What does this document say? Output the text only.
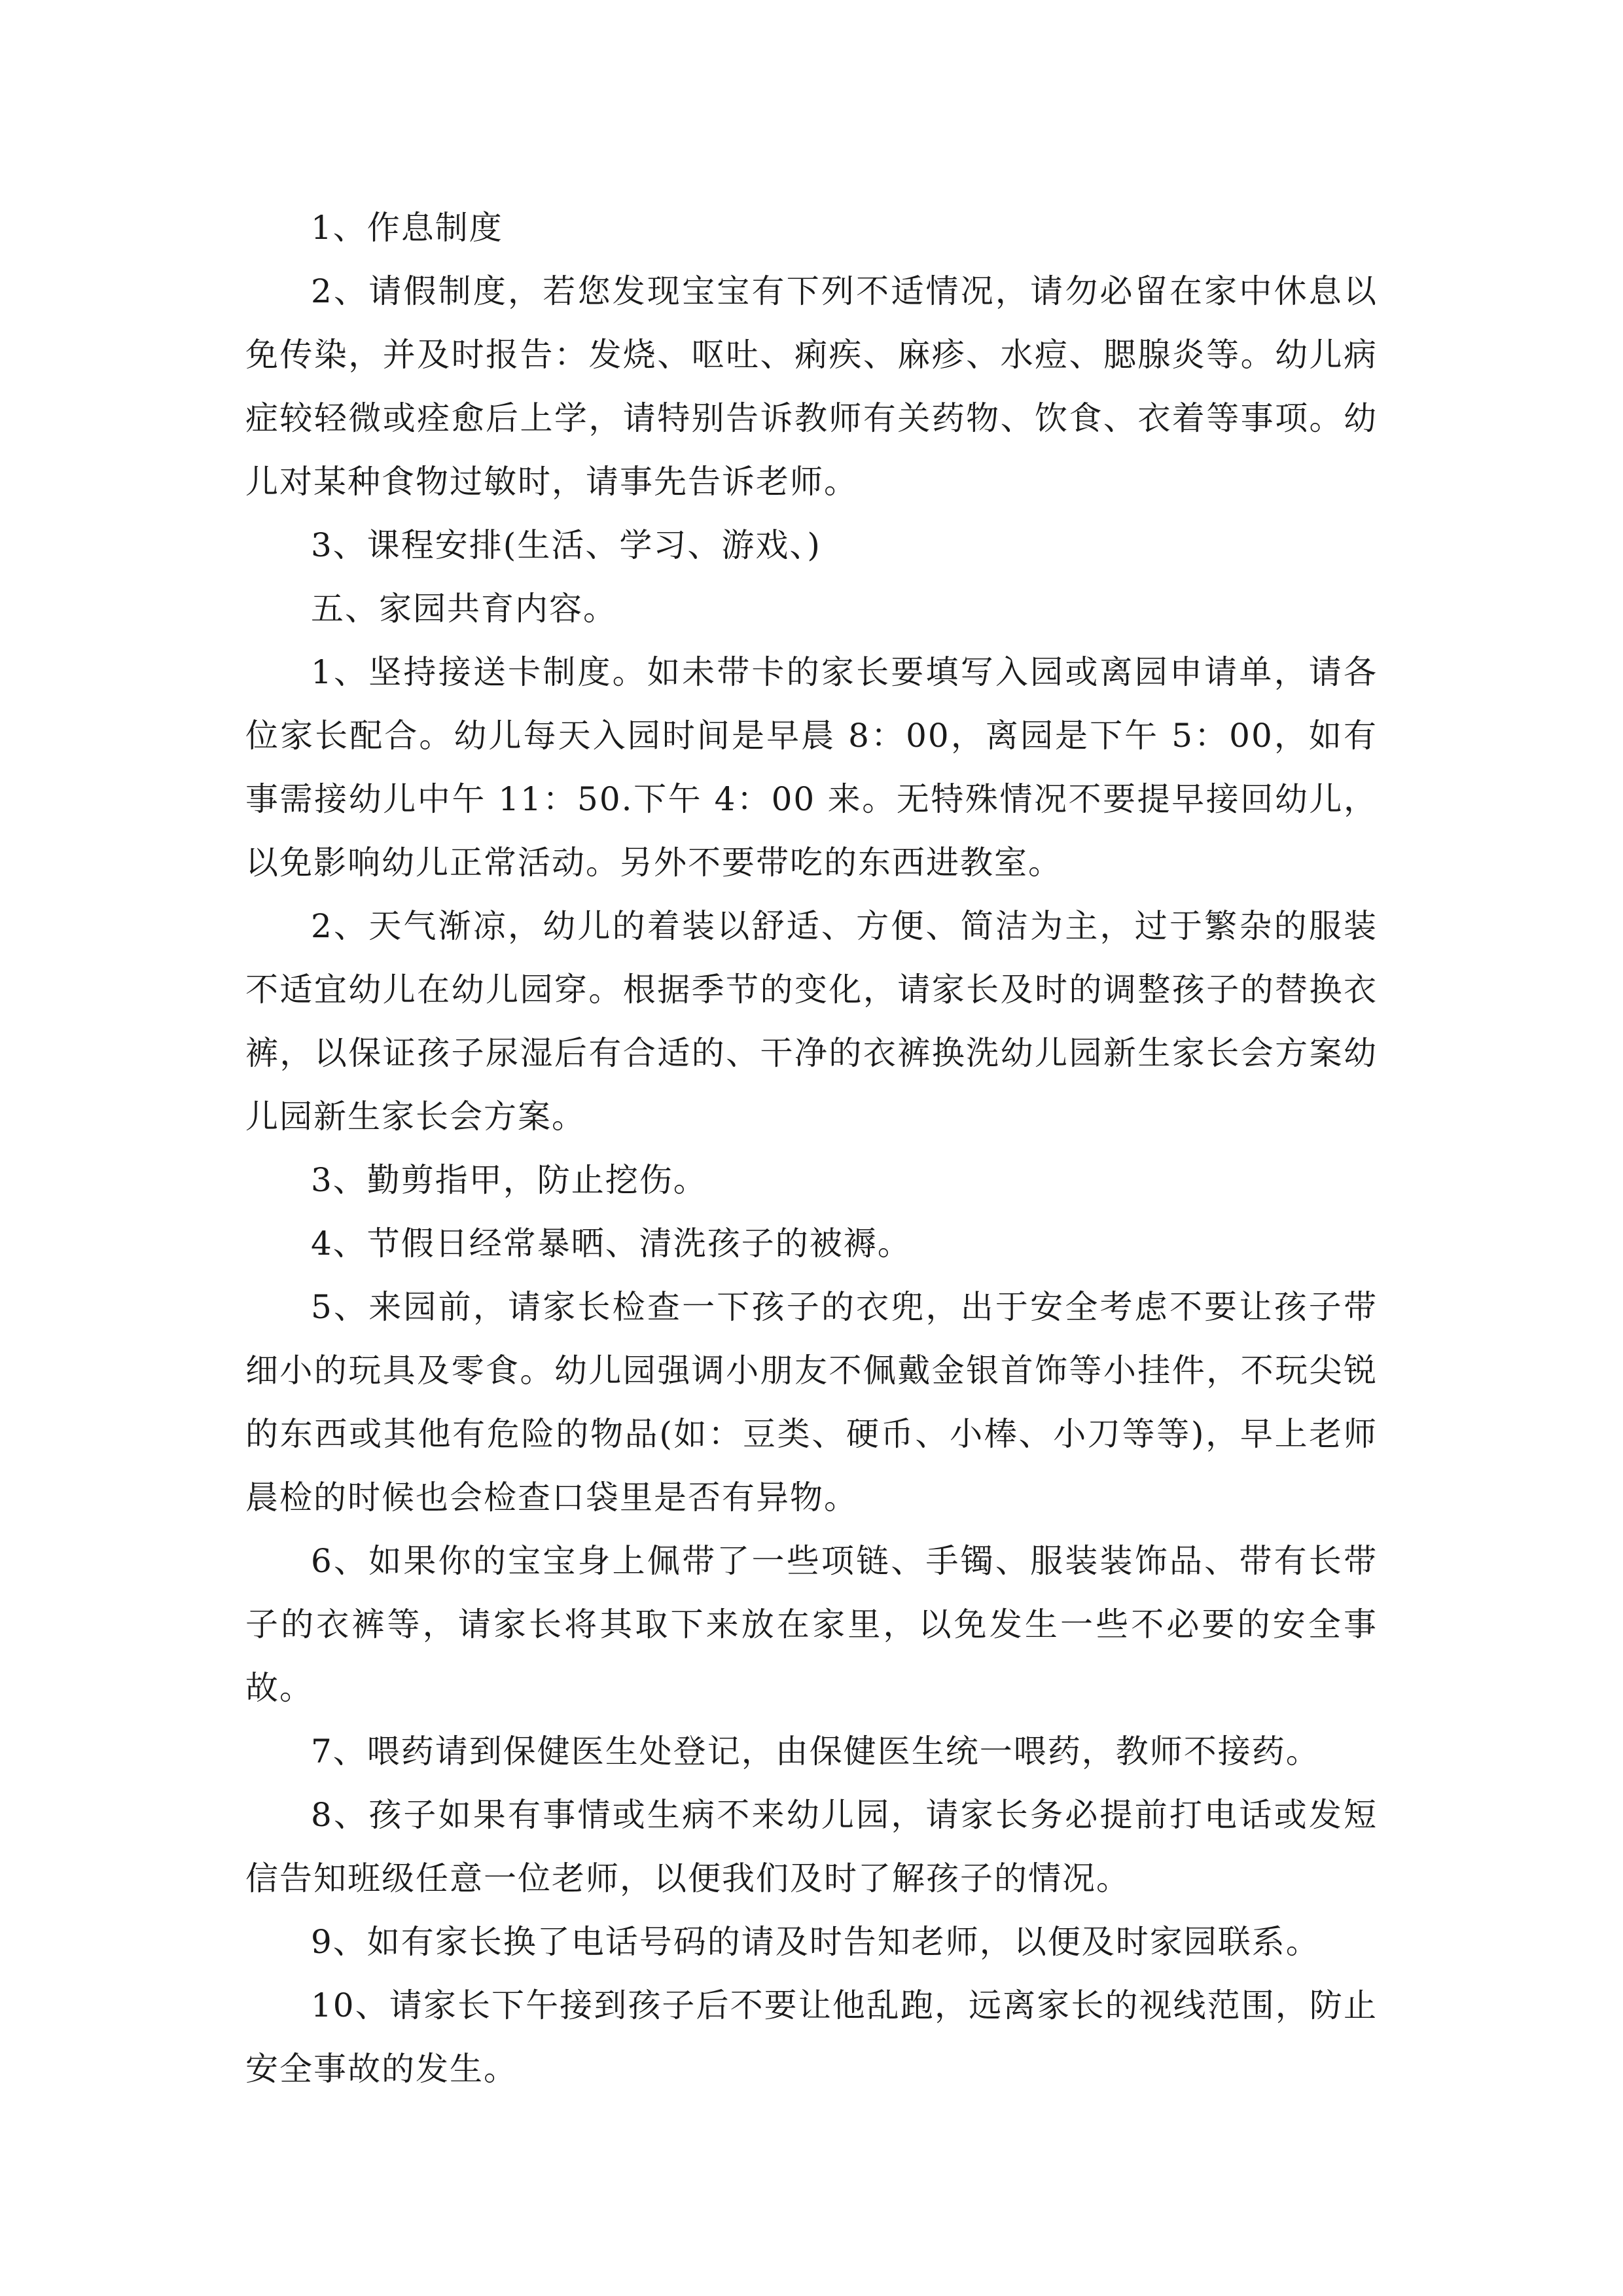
1、作息制度

2、请假制度，若您发现宝宝有下列不适情况，请勿必留在家中休息以免传染，并及时报告：发烧、呕吐、痢疾、麻疹、水痘、腮腺炎等。幼儿病症较轻微或痊愈后上学，请特别告诉教师有关药物、饮食、衣着等事项。幼儿对某种食物过敏时，请事先告诉老师。

3、课程安排(生活、学习、游戏、)

五、家园共育内容。

1、坚持接送卡制度。如未带卡的家长要填写入园或离园申请单，请各位家长配合。幼儿每天入园时间是早晨 8：00，离园是下午 5：00，如有事需接幼儿中午 11：50.下午 4：00 来。无特殊情况不要提早接回幼儿，以免影响幼儿正常活动。另外不要带吃的东西进教室。

2、天气渐凉，幼儿的着装以舒适、方便、简洁为主，过于繁杂的服装不适宜幼儿在幼儿园穿。根据季节的变化，请家长及时的调整孩子的替换衣裤，以保证孩子尿湿后有合适的、干净的衣裤换洗幼儿园新生家长会方案幼儿园新生家长会方案。

3、勤剪指甲，防止挖伤。

4、节假日经常暴晒、清洗孩子的被褥。

5、来园前，请家长检查一下孩子的衣兜，出于安全考虑不要让孩子带细小的玩具及零食。幼儿园强调小朋友不佩戴金银首饰等小挂件，不玩尖锐的东西或其他有危险的物品(如：豆类、硬币、小棒、小刀等等)，早上老师晨检的时候也会检查口袋里是否有异物。

6、如果你的宝宝身上佩带了一些项链、手镯、服装装饰品、带有长带子的衣裤等，请家长将其取下来放在家里，以免发生一些不必要的安全事故。

7、喂药请到保健医生处登记，由保健医生统一喂药，教师不接药。

8、孩子如果有事情或生病不来幼儿园，请家长务必提前打电话或发短信告知班级任意一位老师，以便我们及时了解孩子的情况。

9、如有家长换了电话号码的请及时告知老师，以便及时家园联系。

10、请家长下午接到孩子后不要让他乱跑，远离家长的视线范围，防止安全事故的发生。
